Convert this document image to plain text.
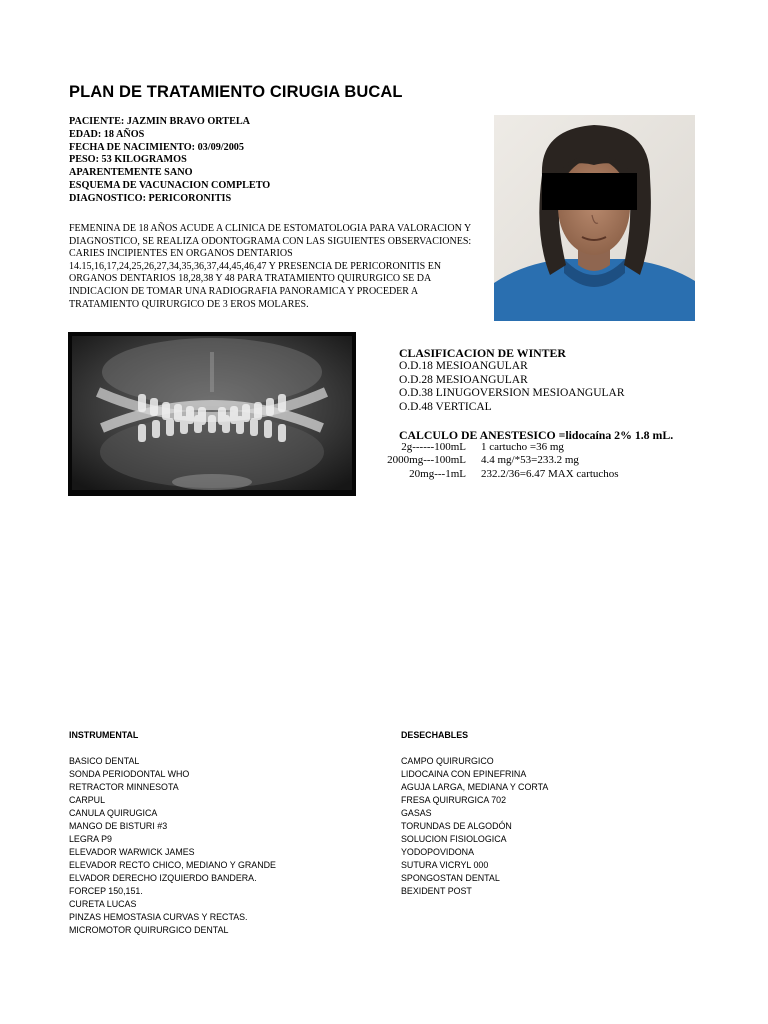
PLAN DE TRATAMIENTO CIRUGIA BUCAL
PACIENTE: JAZMIN BRAVO ORTELA
EDAD: 18 AÑOS
FECHA DE NACIMIENTO: 03/09/2005
PESO: 53 KILOGRAMOS
APARENTEMENTE SANO
ESQUEMA DE VACUNACION COMPLETO
DIAGNOSTICO: PERICORONITIS
FEMENINA DE 18 AÑOS ACUDE A CLINICA DE ESTOMATOLOGIA PARA VALORACION Y DIAGNOSTICO, SE REALIZA ODONTOGRAMA CON LAS SIGUIENTES OBSERVACIONES: CARIES INCIPIENTES EN ORGANOS DENTARIOS 14.15,16,17,24,25,26,27,34,35,36,37,44,45,46,47 Y PRESENCIA DE PERICORONITIS EN ORGANOS DENTARIOS 18,28,38 Y 48 PARA TRATAMIENTO QUIRURGICO SE DA INDICACION DE TOMAR UNA RADIOGRAFIA PANORAMICA Y PROCEDER A TRATAMIENTO QUIRURGICO DE 3 EROS MOLARES.
CLASIFICACION DE WINTER
O.D.18 MESIOANGULAR
O.D.28 MESIOANGULAR
O.D.38 LINUGOVERSION MESIOANGULAR
O.D.48 VERTICAL
CALCULO DE ANESTESICO =lidocaína 2% 1.8 mL.
2g------100mL
2000mg---100mL
20mg---1mL
1 cartucho =36 mg
4.4 mg/*53=233.2 mg
232.2/36=6.47 MAX cartuchos
INSTRUMENTAL
BASICO DENTAL
SONDA PERIODONTAL WHO
RETRACTOR MINNESOTA
CARPUL
CANULA QUIRUGICA
MANGO DE BISTURI #3
LEGRA P9
ELEVADOR WARWICK JAMES
ELEVADOR RECTO CHICO, MEDIANO Y GRANDE
ELVADOR DERECHO IZQUIERDO BANDERA.
FORCEP 150,151.
CURETA LUCAS
PINZAS HEMOSTASIA CURVAS Y RECTAS.
MICROMOTOR QUIRURGICO DENTAL
DESECHABLES
CAMPO QUIRURGICO
LIDOCAINA CON EPINEFRINA
AGUJA LARGA, MEDIANA Y CORTA
FRESA QUIRURGICA 702
GASAS
TORUNDAS DE ALGODÓN
SOLUCION FISIOLOGICA
YODOPOVIDONA
SUTURA VICRYL 000
SPONGOSTAN DENTAL
BEXIDENT POST
